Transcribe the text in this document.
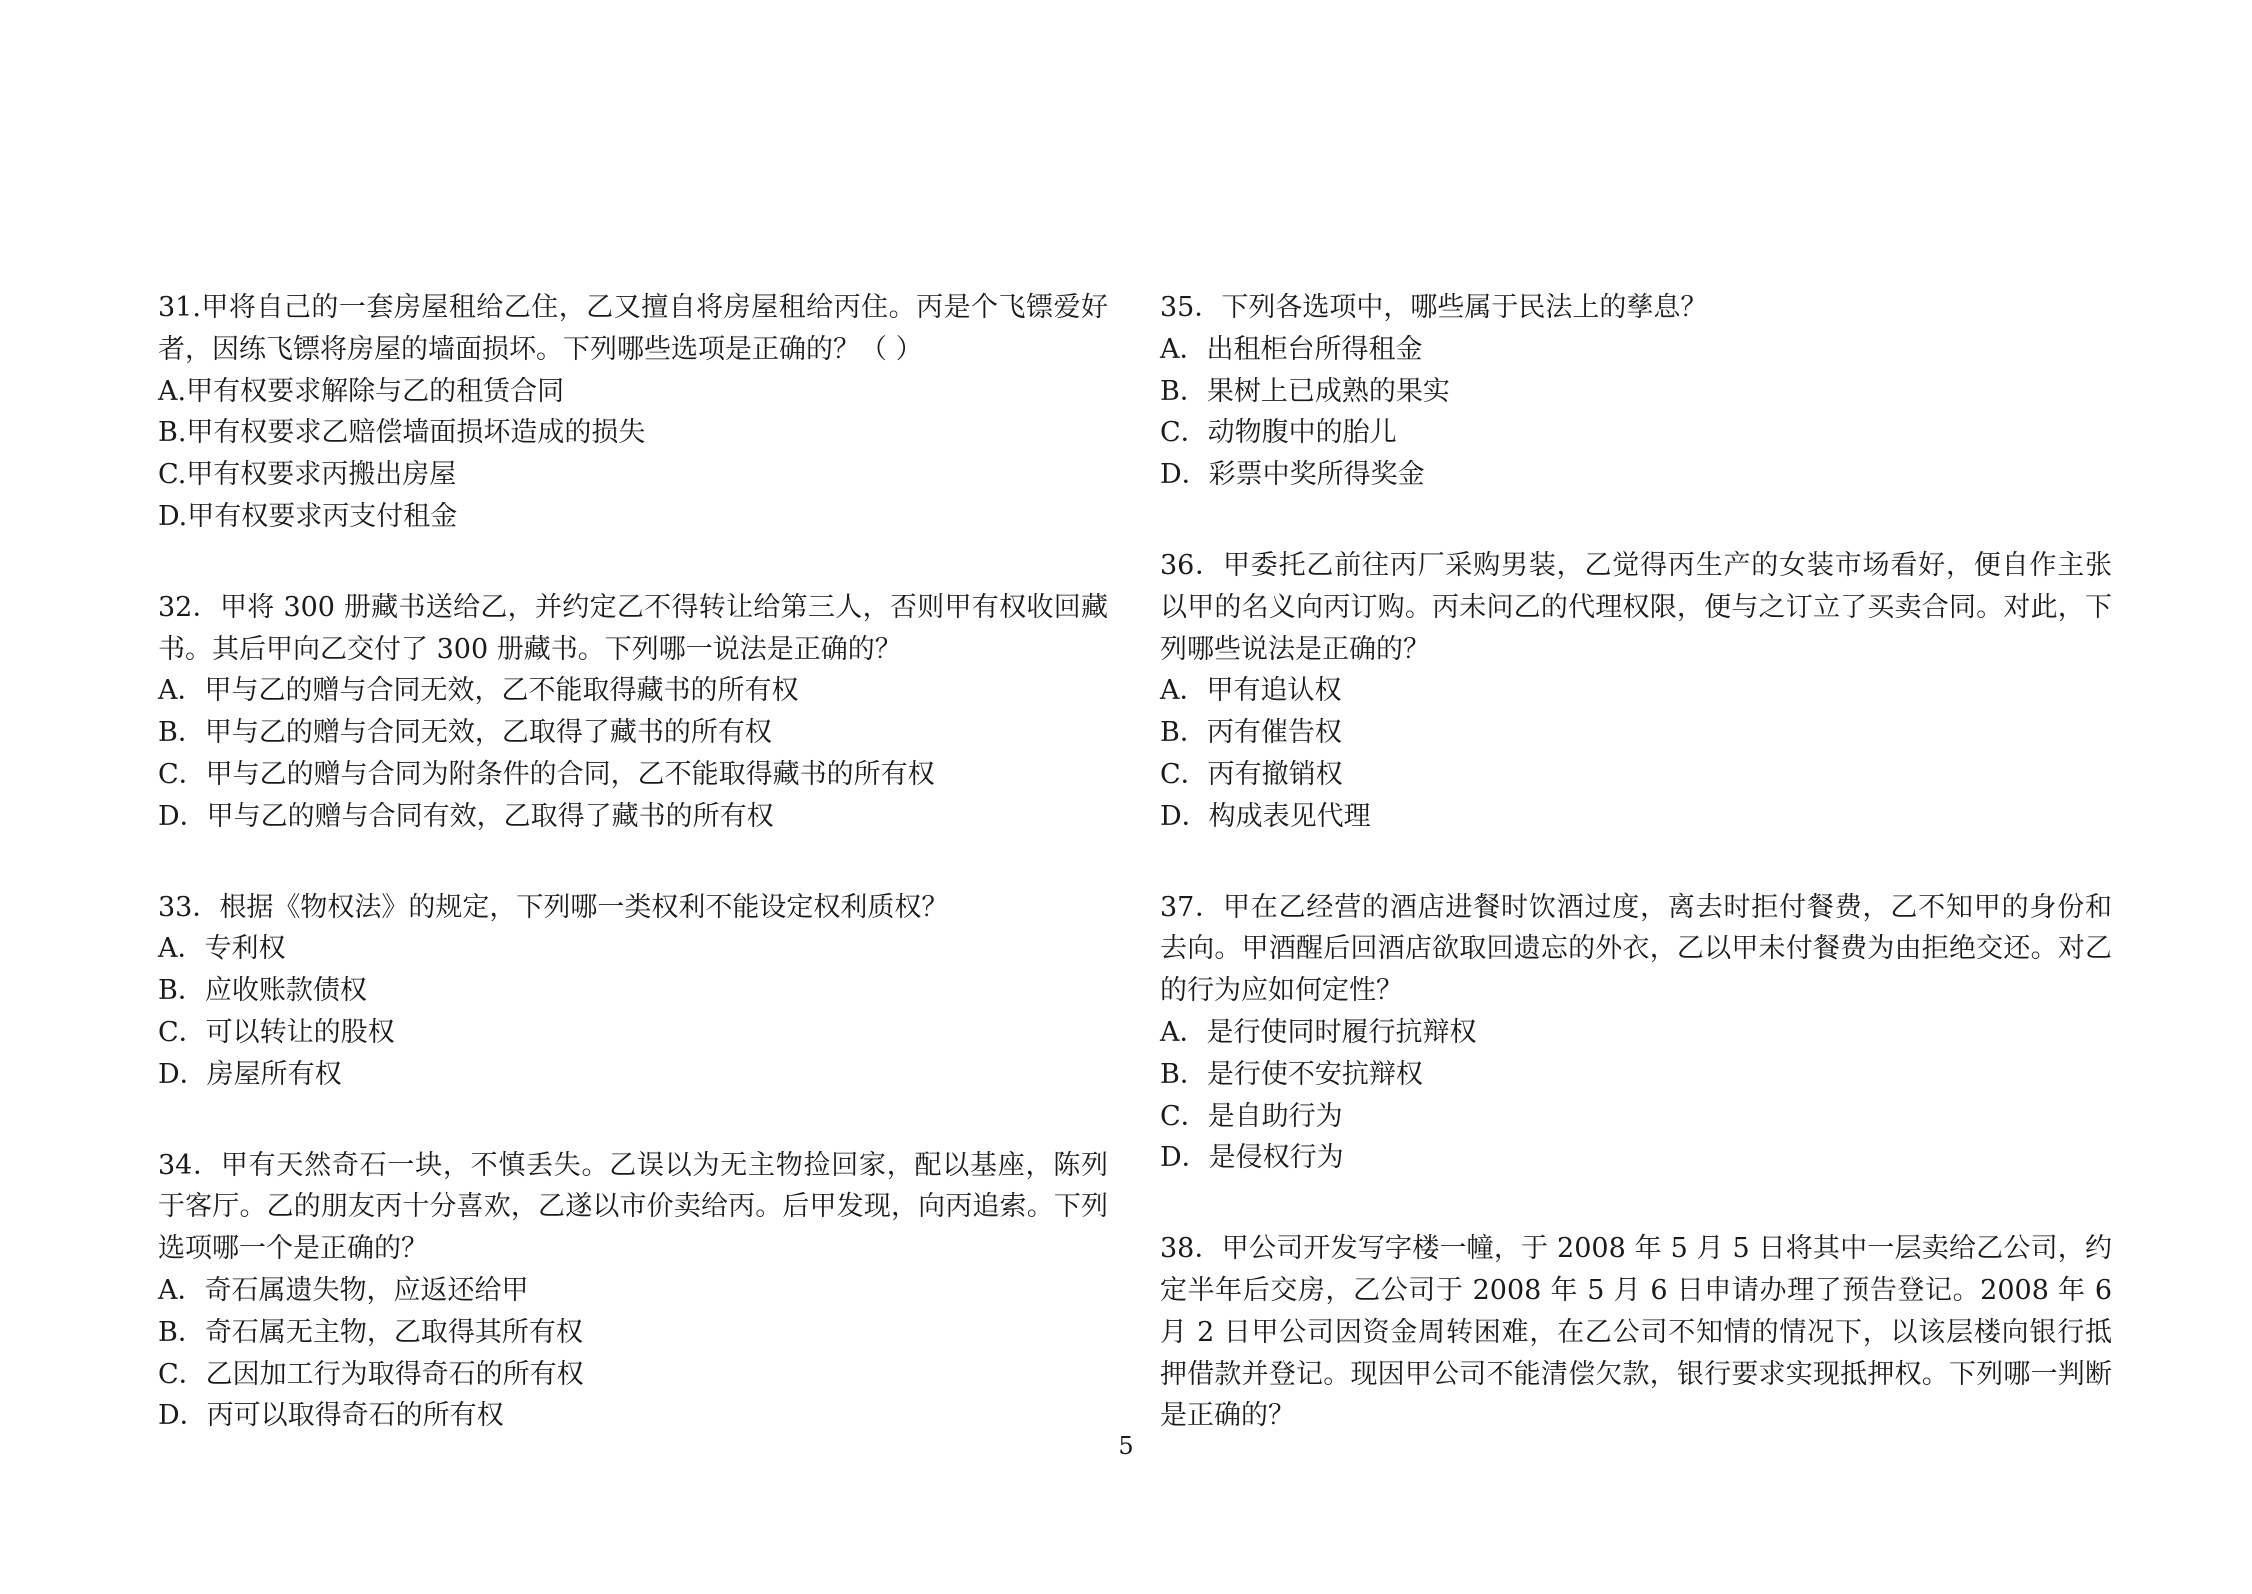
31.甲将自己的一套房屋租给乙住，乙又擅自将房屋租给丙住。丙是个飞镖爱好者，因练飞镖将房屋的墙面损坏。下列哪些选项是正确的？（ ）

A.甲有权要求解除与乙的租赁合同

B.甲有权要求乙赔偿墙面损坏造成的损失

C.甲有权要求丙搬出房屋

D.甲有权要求丙支付租金

32．甲将 300 册藏书送给乙，并约定乙不得转让给第三人，否则甲有权收回藏书。其后甲向乙交付了 300 册藏书。下列哪一说法是正确的？

A．甲与乙的赠与合同无效，乙不能取得藏书的所有权

B．甲与乙的赠与合同无效，乙取得了藏书的所有权

C．甲与乙的赠与合同为附条件的合同，乙不能取得藏书的所有权

D．甲与乙的赠与合同有效，乙取得了藏书的所有权

33．根据《物权法》的规定，下列哪一类权利不能设定权利质权？

A．专利权

B．应收账款债权

C．可以转让的股权

D．房屋所有权

34．甲有天然奇石一块，不慎丢失。乙误以为无主物捡回家，配以基座，陈列于客厅。乙的朋友丙十分喜欢，乙遂以市价卖给丙。后甲发现，向丙追索。下列选项哪一个是正确的？

A．奇石属遗失物，应返还给甲

B．奇石属无主物，乙取得其所有权

C．乙因加工行为取得奇石的所有权

D．丙可以取得奇石的所有权

35．下列各选项中，哪些属于民法上的孳息？

A．出租柜台所得租金

B．果树上已成熟的果实

C．动物腹中的胎儿

D．彩票中奖所得奖金

36．甲委托乙前往丙厂采购男装，乙觉得丙生产的女装市场看好，便自作主张以甲的名义向丙订购。丙未问乙的代理权限，便与之订立了买卖合同。对此，下列哪些说法是正确的？

A．甲有追认权

B．丙有催告权

C．丙有撤销权

D．构成表见代理

37．甲在乙经营的酒店进餐时饮酒过度，离去时拒付餐费，乙不知甲的身份和去向。甲酒醒后回酒店欲取回遗忘的外衣，乙以甲未付餐费为由拒绝交还。对乙的行为应如何定性？

A．是行使同时履行抗辩权

B．是行使不安抗辩权

C．是自助行为

D．是侵权行为

38．甲公司开发写字楼一幢，于 2008 年 5 月 5 日将其中一层卖给乙公司，约定半年后交房，乙公司于 2008 年 5 月 6 日申请办理了预告登记。2008 年 6 月 2 日甲公司因资金周转困难，在乙公司不知情的情况下，以该层楼向银行抵押借款并登记。现因甲公司不能清偿欠款，银行要求实现抵押权。下列哪一判断是正确的？

5
